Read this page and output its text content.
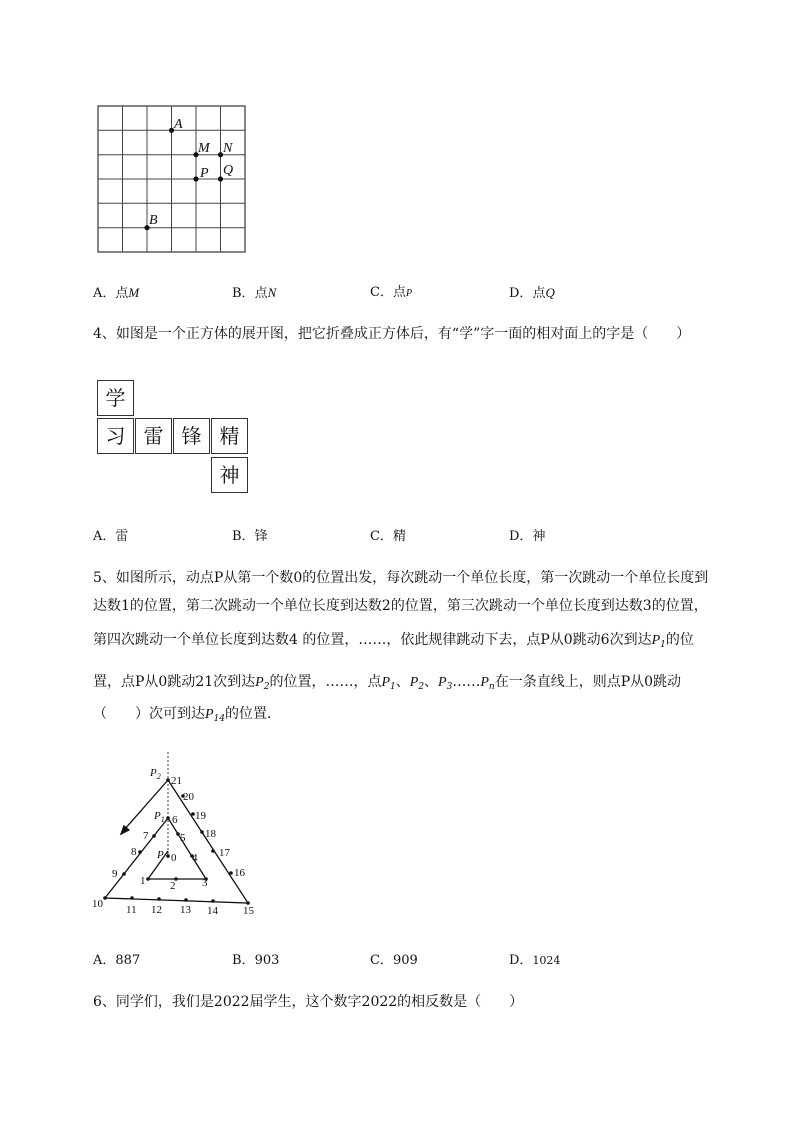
A
M N
P Q
B
A．点M	B．点N	C．点P	D．点Q
4、如图是一个正方体的展开图，把它折叠成正方体后，有“学”字一面的相对面上的字是（　　）
学
习 雷 锋 精
神
A．雷	B．锋	C．精	D．神
5、如图所示，动点P从第一个数0的位置出发，每次跳动一个单位长度，第一次跳动一个单位长度到
达数1的位置，第二次跳动一个单位长度到达数2的位置，第三次跳动一个单位长度到达数3的位置，
第四次跳动一个单位长度到达数4 的位置，……，依此规律跳动下去，点P从0跳动6次到达$P_1$的位
置，点P从0跳动21次到达$P_2$的位置，……，点$P_1$、$P_2$、$P_3\dots\dots P_n$在一条直线上，则点P从0跳动
（　　）次可到达$P_{14}$的位置．
$P_2$
$P_1$
P
21
20
19
18
17
16
15
14
13
12
11
10
9
8
7
6
5
4
3
2
1
0
A．887	B．903	C．909	D．1024
6、同学们，我们是2022届学生，这个数字2022的相反数是（　　）
